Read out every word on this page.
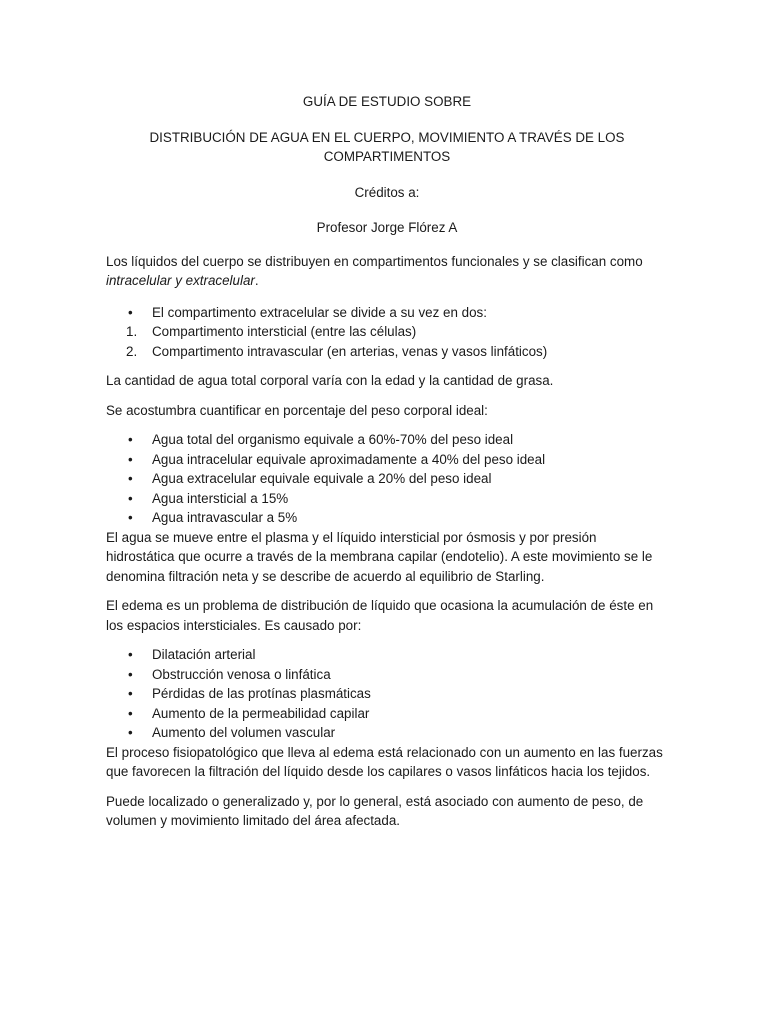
GUÍA DE ESTUDIO SOBRE

DISTRIBUCIÓN DE AGUA EN EL CUERPO, MOVIMIENTO A TRAVÉS DE LOS COMPARTIMENTOS

Créditos a:

Profesor Jorge Flórez A

Los líquidos del cuerpo se distribuyen en compartimentos funcionales y se clasifican como intracelular y extracelular.

• El compartimento extracelular se divide a su vez en dos:
1. Compartimento intersticial (entre las células)
2. Compartimento intravascular (en arterias, venas y vasos linfáticos)

La cantidad de agua total corporal varía con la edad y la cantidad de grasa.

Se acostumbra cuantificar en porcentaje del peso corporal ideal:

• Agua total del organismo equivale a 60%-70% del peso ideal
• Agua intracelular equivale aproximadamente a 40% del peso ideal
• Agua extracelular equivale equivale a 20% del peso ideal
• Agua intersticial a 15%
• Agua intravascular a 5%

El agua se mueve entre el plasma y el líquido intersticial por ósmosis y por presión hidrostática que ocurre a través de la membrana capilar (endotelio). A este movimiento se le denomina filtración neta y se describe de acuerdo al equilibrio de Starling.

El edema es un problema de distribución de líquido que ocasiona la acumulación de éste en los espacios intersticiales. Es causado por:

• Dilatación arterial
• Obstrucción venosa o linfática
• Pérdidas de las protínas plasmáticas
• Aumento de la permeabilidad capilar
• Aumento del volumen vascular

El proceso fisiopatológico que lleva al edema está relacionado con un aumento en las fuerzas que favorecen la filtración del líquido desde los capilares o vasos linfáticos hacia los tejidos.

Puede localizado o generalizado y, por lo general, está asociado con aumento de peso, de volumen y movimiento limitado del área afectada.
